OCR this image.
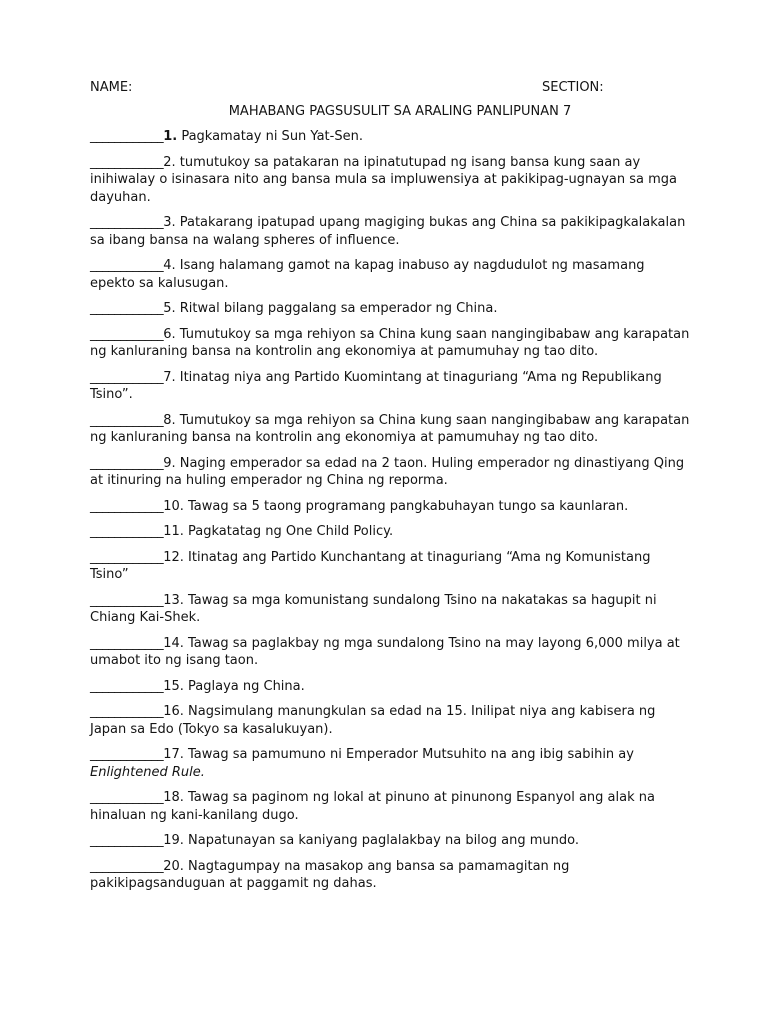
NAME:	SECTION:
MAHABANG PAGSUSULIT SA ARALING PANLIPUNAN 7
____________1. Pagkamatay ni Sun Yat-Sen.
____________2. tumutukoy sa patakaran na ipinatutupad ng isang bansa kung saan ay inihiwalay o isinasara nito ang bansa mula sa impluwensiya at pakikipag-ugnayan sa mga dayuhan.
____________3. Patakarang ipatupad upang magiging bukas ang China sa pakikipagkalakalan sa ibang bansa na walang spheres of influence.
____________4. Isang halamang gamot na kapag inabuso ay nagdudulot ng masamang epekto sa kalusugan.
____________5. Ritwal bilang paggalang sa emperador ng China.
____________6. Tumutukoy sa mga rehiyon sa China kung saan nangingibabaw ang karapatan ng kanluraning bansa na kontrolin ang ekonomiya at pamumuhay ng tao dito.
____________7. Itinatag niya ang Partido Kuomintang at tinaguriang “Ama ng Republikang Tsino”.
____________8. Tumutukoy sa mga rehiyon sa China kung saan nangingibabaw ang karapatan ng kanluraning bansa na kontrolin ang ekonomiya at pamumuhay ng tao dito.
____________9. Naging emperador sa edad na 2 taon. Huling emperador ng dinastiyang Qing at itinuring na huling emperador ng China ng reporma.
____________10. Tawag sa 5 taong programang pangkabuhayan tungo sa kaunlaran.
____________11. Pagkatatag ng One Child Policy.
____________12. Itinatag ang Partido Kunchantang at tinaguriang “Ama ng Komunistang Tsino”
____________13. Tawag sa mga komunistang sundalong Tsino na nakatakas sa hagupit ni Chiang Kai-Shek.
____________14. Tawag sa paglakbay ng mga sundalong Tsino na may layong 6,000 milya at umabot ito ng isang taon.
____________15. Paglaya ng China.
____________16. Nagsimulang manungkulan sa edad na 15. Inilipat niya ang kabisera ng Japan sa Edo (Tokyo sa kasalukuyan).
____________17. Tawag sa pamumuno ni Emperador Mutsuhito na ang ibig sabihin ay Enlightened Rule.
____________18. Tawag sa paginom ng lokal at pinuno at pinunong Espanyol ang alak na hinaluan ng kani-kanilang dugo.
____________19. Napatunayan sa kaniyang paglalakbay na bilog ang mundo.
____________20. Nagtagumpay na masakop ang bansa sa pamamagitan ng pakikipagsanduguan at paggamit ng dahas.
